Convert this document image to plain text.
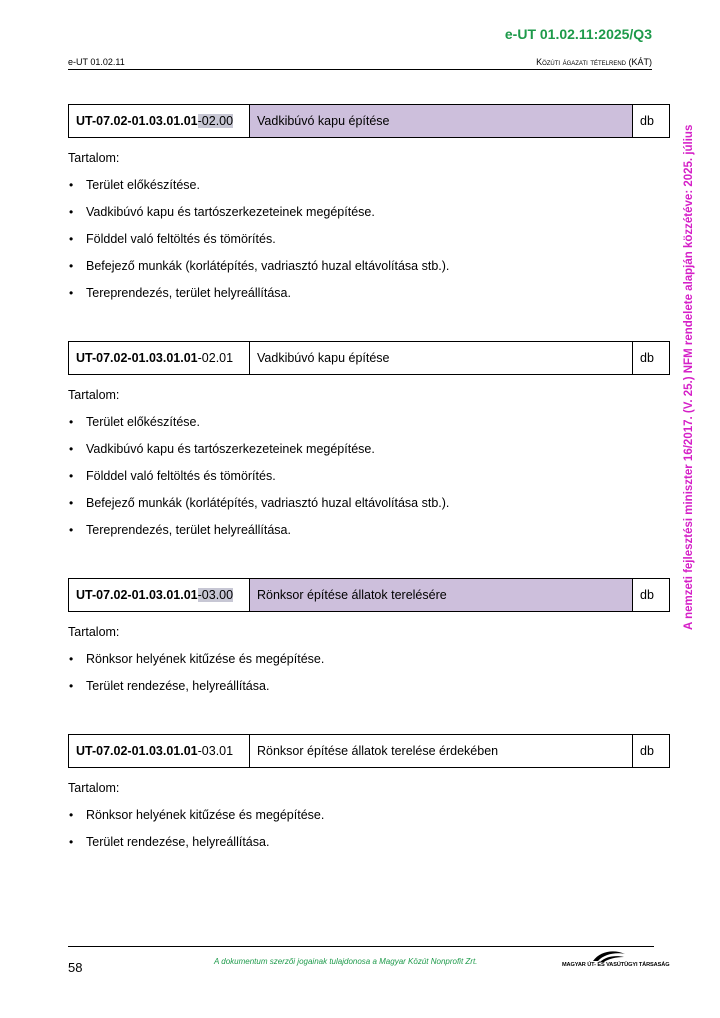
e-UT 01.02.11:2025/Q3
e-UT 01.02.11	Közúti ágazati tételrend (KÁT)
A nemzeti fejlesztési miniszter 16/2017. (V. 25.) NFM rendelete alapján közzétéve: 2025. július
UT-07.02-01.03.01.01-02.00	Vadkibúvó kapu építése	db
Tartalom:
• Terület előkészítése.
• Vadkibúvó kapu és tartószerkezeteinek megépítése.
• Földdel való feltöltés és tömörítés.
• Befejező munkák (korlátépítés, vadriasztó huzal eltávolítása stb.).
• Tereprendezés, terület helyreállítása.
UT-07.02-01.03.01.01-02.01	Vadkibúvó kapu építése	db
Tartalom:
• Terület előkészítése.
• Vadkibúvó kapu és tartószerkezeteinek megépítése.
• Földdel való feltöltés és tömörítés.
• Befejező munkák (korlátépítés, vadriasztó huzal eltávolítása stb.).
• Tereprendezés, terület helyreállítása.
UT-07.02-01.03.01.01-03.00	Rönksor építése állatok terelésére	db
Tartalom:
• Rönksor helyének kitűzése és megépítése.
• Terület rendezése, helyreállítása.
UT-07.02-01.03.01.01-03.01	Rönksor építése állatok terelése érdekében	db
Tartalom:
• Rönksor helyének kitűzése és megépítése.
• Terület rendezése, helyreállítása.
58	A dokumentum szerzői jogainak tulajdonosa a Magyar Közút Nonprofit Zrt.	MAGYAR ÚT- ÉS VASÚTÜGYI TÁRSASÁG
